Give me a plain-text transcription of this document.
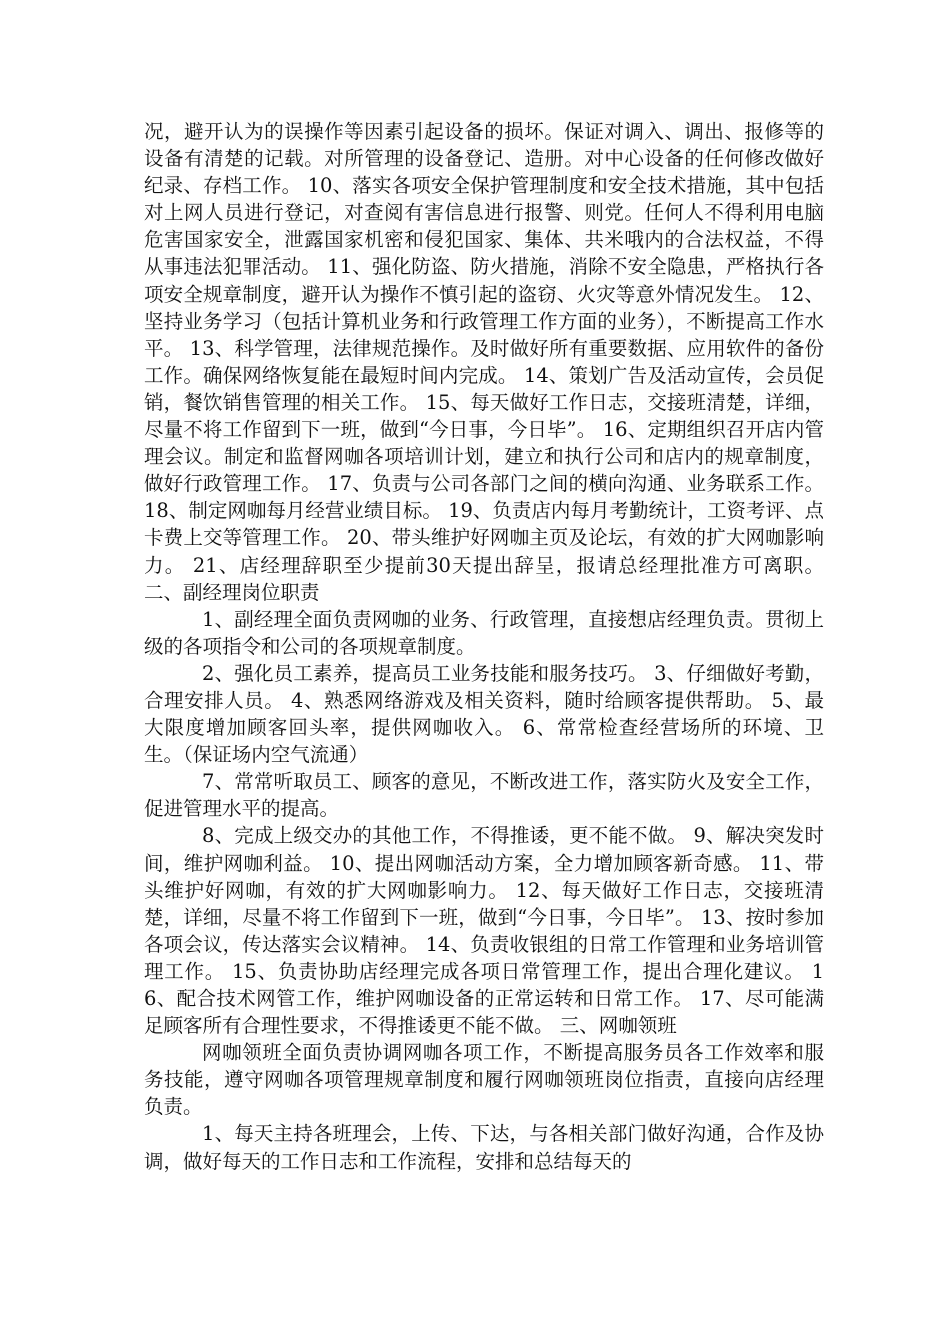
况，避开认为的误操作等因素引起设备的损坏。保证对调入、调出、报修等的设备有清楚的记载。对所管理的设备登记、造册。对中心设备的任何修改做好纪录、存档工作。 10、落实各项安全保护管理制度和安全技术措施，其中包括对上网人员进行登记，对查阅有害信息进行报警、则党。任何人不得利用电脑危害国家安全，泄露国家机密和侵犯国家、集体、共米哦内的合法权益，不得从事违法犯罪活动。 11、强化防盗、防火措施，消除不安全隐患，严格执行各项安全规章制度，避开认为操作不慎引起的盗窃、火灾等意外情况发生。 12、坚持业务学习（包括计算机业务和行政管理工作方面的业务），不断提高工作水平。 13、科学管理，法律规范操作。及时做好所有重要数据、应用软件的备份工作。确保网络恢复能在最短时间内完成。 14、策划广告及活动宣传，会员促销，餐饮销售管理的相关工作。 15、每天做好工作日志，交接班清楚，详细，尽量不将工作留到下一班，做到“今日事，今日毕”。 16、定期组织召开店内管理会议。制定和监督网咖各项培训计划，建立和执行公司和店内的规章制度，做好行政管理工作。 17、负责与公司各部门之间的横向沟通、业务联系工作。 18、制定网咖每月经营业绩目标。 19、负责店内每月考勤统计，工资考评、点卡费上交等管理工作。 20、带头维护好网咖主页及论坛，有效的扩大网咖影响力。 21、店经理辞职至少提前30天提出辞呈，报请总经理批准方可离职。 二、副经理岗位职责

1、副经理全面负责网咖的业务、行政管理，直接想店经理负责。贯彻上级的各项指令和公司的各项规章制度。

2、强化员工素养，提高员工业务技能和服务技巧。 3、仔细做好考勤，合理安排人员。 4、熟悉网络游戏及相关资料，随时给顾客提供帮助。 5、最大限度增加顾客回头率，提供网咖收入。 6、常常检查经营场所的环境、卫生。（保证场内空气流通）

7、常常听取员工、顾客的意见，不断改进工作，落实防火及安全工作，促进管理水平的提高。

8、完成上级交办的其他工作，不得推诿，更不能不做。 9、解决突发时间，维护网咖利益。 10、提出网咖活动方案，全力增加顾客新奇感。 11、带头维护好网咖，有效的扩大网咖影响力。 12、每天做好工作日志，交接班清楚，详细，尽量不将工作留到下一班，做到“今日事，今日毕”。 13、按时参加各项会议，传达落实会议精神。 14、负责收银组的日常工作管理和业务培训管理工作。 15、负责协助店经理完成各项日常管理工作，提出合理化建议。 16、配合技术网管工作，维护网咖设备的正常运转和日常工作。 17、尽可能满足顾客所有合理性要求，不得推诿更不能不做。 三、网咖领班

网咖领班全面负责协调网咖各项工作，不断提高服务员各工作效率和服务技能，遵守网咖各项管理规章制度和履行网咖领班岗位指责，直接向店经理负责。

1、每天主持各班理会，上传、下达，与各相关部门做好沟通，合作及协调，做好每天的工作日志和工作流程，安排和总结每天的
